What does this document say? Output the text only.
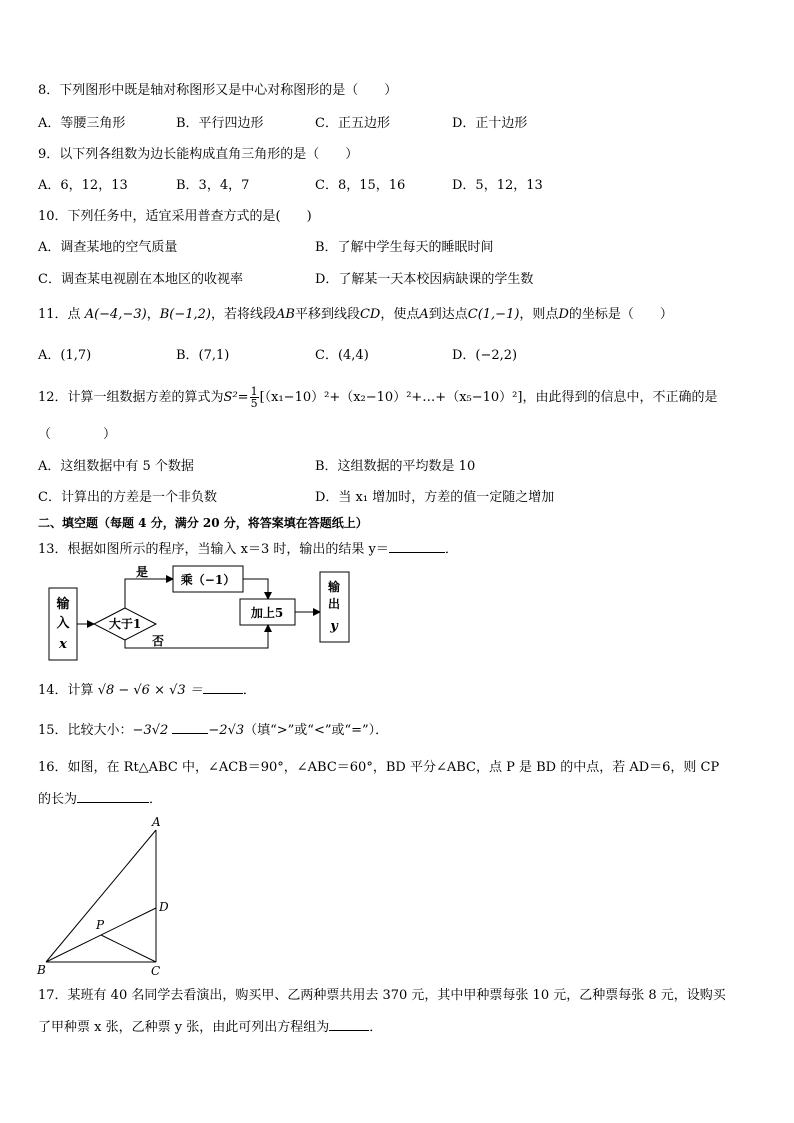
8．下列图形中既是轴对称图形又是中心对称图形的是（　　）
A．等腰三角形	B．平行四边形	C．正五边形	D．正十边形
9．以下列各组数为边长能构成直角三角形的是（　　）
A．6，12，13	B．3，4，7	C．8，15，16	D．5，12，13
10．下列任务中，适宜采用普查方式的是(　　)
A．调查某地的空气质量	B．了解中学生每天的睡眠时间
C．调查某电视剧在本地区的收视率	D．了解某一天本校因病缺课的学生数
11．点 A(−4,−3)，B(−1,2)，若将线段AB平移到线段CD，使点A到达点C(1,−1)，则点D的坐标是（　　）
A．(1,7)	B．(7,1)	C．(4,4)	D．(−2,2)
12．计算一组数据方差的算式为$S^2= \frac{1}{5}$ [（x₁−10）²+（x₂−10）²+…+（x₅−10）²]，由此得到的信息中，不正确的是
（　　　　）
A．这组数据中有 5 个数据	B．这组数据的平均数是 10
C．计算出的方差是一个非负数	D．当 x₁ 增加时，方差的值一定随之增加
二、填空题（每题 4 分，满分 20 分，将答案填在答题纸上）
13．根据如图所示的程序，当输入 x＝3 时，输出的结果 y＝	．
输
入
x
大于1
是
乘（−1）
加上5
否
输
出
y
14．计算 √8 − √6 × √3 ＝	．
15．比较大小：−3√2	−2√3（填“>”或“<”或“=”）．
16．如图，在 Rt△ABC 中，∠ACB＝90°，∠ABC＝60°，BD 平分∠ABC，点 P 是 BD 的中点，若 AD＝6，则 CP
的长为	．
A
B	C
D
P
17．某班有 40 名同学去看演出，购买甲、乙两种票共用去 370 元，其中甲种票每张 10 元，乙种票每张 8 元，设购买
了甲种票 x 张，乙种票 y 张，由此可列出方程组为	．
